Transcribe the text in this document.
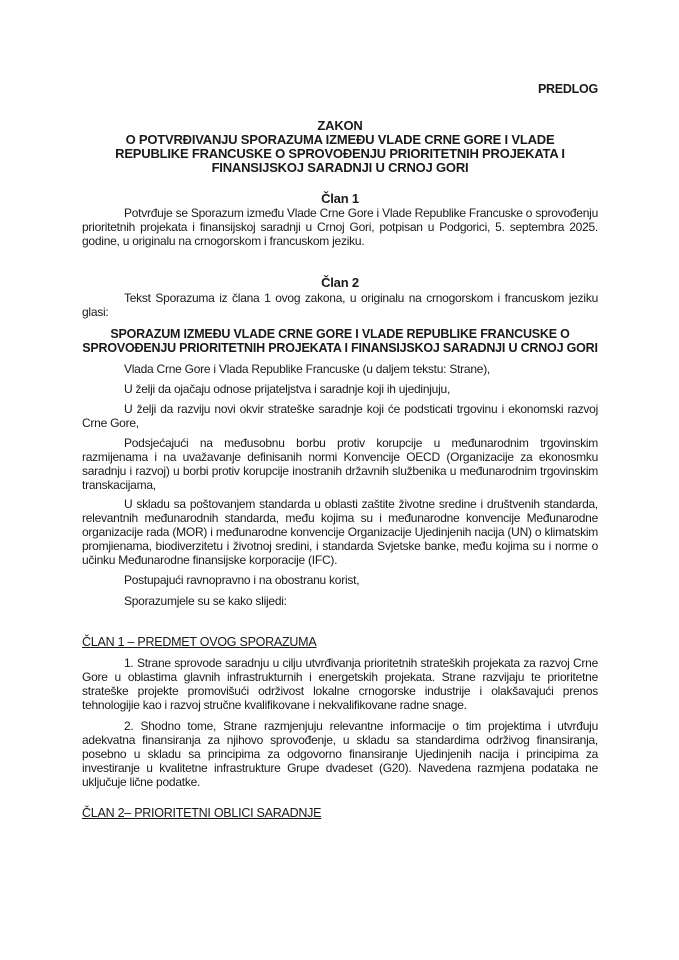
PREDLOG

ZAKON

O POTVRĐIVANJU SPORAZUMA IZMEĐU VLADE CRNE GORE I VLADE REPUBLIKE FRANCUSKE O SPROVOĐENJU PRIORITETNIH PROJEKATA I FINANSIJSKOJ SARADNJI U CRNOJ GORI

Član 1

Potvrđuje se Sporazum između Vlade Crne Gore i Vlade Republike Francuske o sprovođenju prioritetnih projekata i finansijskoj saradnji u Crnoj Gori, potpisan u Podgorici, 5. septembra 2025. godine, u originalu na crnogorskom i francuskom jeziku.

Član 2

Tekst Sporazuma iz člana 1 ovog zakona, u originalu na crnogorskom i francuskom jeziku glasi:

SPORAZUM IZMEĐU VLADE CRNE GORE I VLADE REPUBLIKE FRANCUSKE O SPROVOĐENJU PRIORITETNIH PROJEKATA I FINANSIJSKOJ SARADNJI U CRNOJ GORI

Vlada Crne Gore i Vlada Republike Francuske (u daljem tekstu: Strane),

U želji da ojačaju odnose prijateljstva i saradnje koji ih ujedinjuju,

U želji da razviju novi okvir strateške saradnje koji će podsticati trgovinu i ekonomski razvoj Crne Gore,

Podsjećajući na međusobnu borbu protiv korupcije u međunarodnim trgovinskim razmijenama i na uvažavanje definisanih normi Konvencije OECD (Organizacije za ekonosmku saradnju i razvoj) u borbi protiv korupcije inostranih državnih službenika u međunarodnim trgovinskim transkacijama,

U skladu sa poštovanjem standarda u oblasti zaštite životne sredine i društvenih standarda, relevantnih međunarodnih standarda, među kojima su i međunarodne konvencije Međunarodne organizacije rada (MOR) i međunarodne konvencije Organizacije Ujedinjenih nacija (UN) o klimatskim promjienama, biodiverzitetu i životnoj sredini, i standarda Svjetske banke, među kojima su i norme o učinku Međunarodne finansijske korporacije (IFC).

Postupajući ravnopravno i na obostranu korist,

Sporazumjele su se kako slijedi:

ČLAN 1 – PREDMET OVOG SPORAZUMA

1. Strane sprovode saradnju u cilju utvrđivanja prioritetnih strateških projekata za razvoj Crne Gore u oblastima glavnih infrastrukturnih i energetskih projekata. Strane razvijaju te prioritetne strateške projekte promovišući održivost lokalne crnogorske industrije i olakšavajući prenos tehnologijie kao i razvoj stručne kvalifikovane i nekvalifikovane radne snage.

2. Shodno tome, Strane razmjenjuju relevantne informacije o tim projektima i utvrđuju adekvatna finansiranja za njihovo sprovođenje, u skladu sa standardima održivog finansiranja, posebno u skladu sa principima za odgovorno finansiranje Ujedinjenih nacija i principima za investiranje u kvalitetne infrastrukture Grupe dvadeset (G20). Navedena razmjena podataka ne uključuje lične podatke.

ČLAN 2– PRIORITETNI OBLICI SARADNJE
